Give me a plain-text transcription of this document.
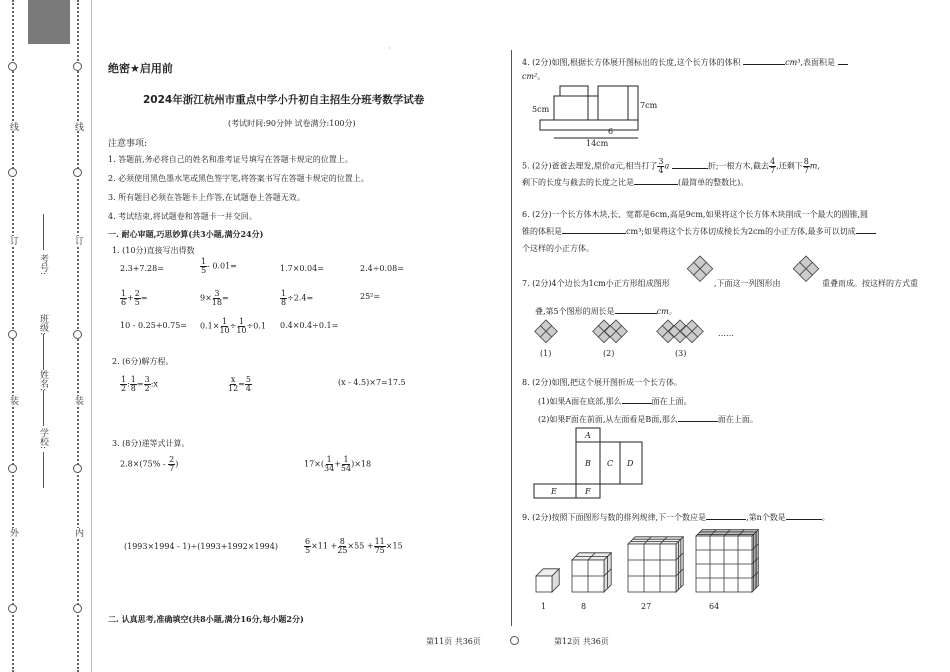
线
订
装
外
线
订
装
内
学校:
姓名:
班级:
考号:
·
绝密★启用前
2024年浙江杭州市重点中学小升初自主招生分班考数学试卷
(考试时间:90分钟 试卷满分:100分)
注意事项:
1. 答题前,务必将自己的姓名和准考证号填写在答题卡规定的位置上。
2. 必须使用黑色墨水笔或黑色签字笔,将答案书写在答题卡规定的位置上。
3. 所有题目必须在答题卡上作答,在试题卷上答题无效。
4. 考试结束,将试题卷和答题卡一并交回。
一. 耐心审题,巧思妙算(共3小题,满分24分)
1. (10分)直接写出得数
2.3+7.28=	$\frac{1}{5} - 0.01=$	1.7×0.04=	2.4÷0.08=
$\frac{1}{6} + \frac{2}{5}$ =	$9\times \frac{3}{18}$ =	$\frac{1}{8} \div 2.4=$	25²=
$10 - 0.25+0.75= 0.1\times \frac{1}{10} \div \frac{1}{10} \div 0.1$ 0.4×0.4÷0.1=
2. (6分)解方程。
$\frac{1}{2}$ : $\frac{1}{8} = \frac{3}{2}$ :x	$\frac{x}{12} = \frac{5}{4}$	(x - 4.5)×7=17.5
3. (8分)递等式计算。
$2.8\times(75\% - \frac{2}{7}$ )	$17\times( \frac{1}{34} + \frac{1}{54} )\times 18$
(1993×1994 - 1)÷(1993+1992×1994)	$\frac{6}{5} \times 11 + \frac{8}{25} \times 55 + \frac{11}{75} \times 15$
二. 认真思考,准确填空(共8小题,满分16分,每小题2分)
第11页 共36页
4. (2分)如图,根据长方体展开图标出的长度,这个长方体的体积	cm³,表面积是
cm²。
5cm	7cm
6
14cm
5. (2分)爸爸去理发,原价a元,相当打了 $\frac{3}{4}$ a	折;一根方木,截去 $\frac{4}{7}$ ,还剩下 $\frac{8}{7} m$,
剩下的长度与截去的长度之比是	(最简单的整数比)。
6. (2分)一个长方体木块,长、宽都是6cm,高是9cm,如果将这个长方体木块削成一个最大的圆锥,圆
锥的体积是	cm³;如果将这个长方体切成棱长为2cm的小正方体,最多可以切成
个这样的小正方体。
7. (2分)4个边长为1cm小正方形组成图形	,下面这一列图形由	重叠而成。按这样的方式重
叠,第5个图形的周长是	cm。
(1)	(2)	(3)
……
8. (2分)如图,把这个展开图折成一个长方体。
(1)如果A面在底部,那么	面在上面。
(2)如果F面在前面,从左面看是B面,那么	面在上面。
A
B C D
E	F
9. (2分)按照下面图形与数的排列规律,下一个数应是	,第n个数是	。
1	8	27	64
第12页 共36页
